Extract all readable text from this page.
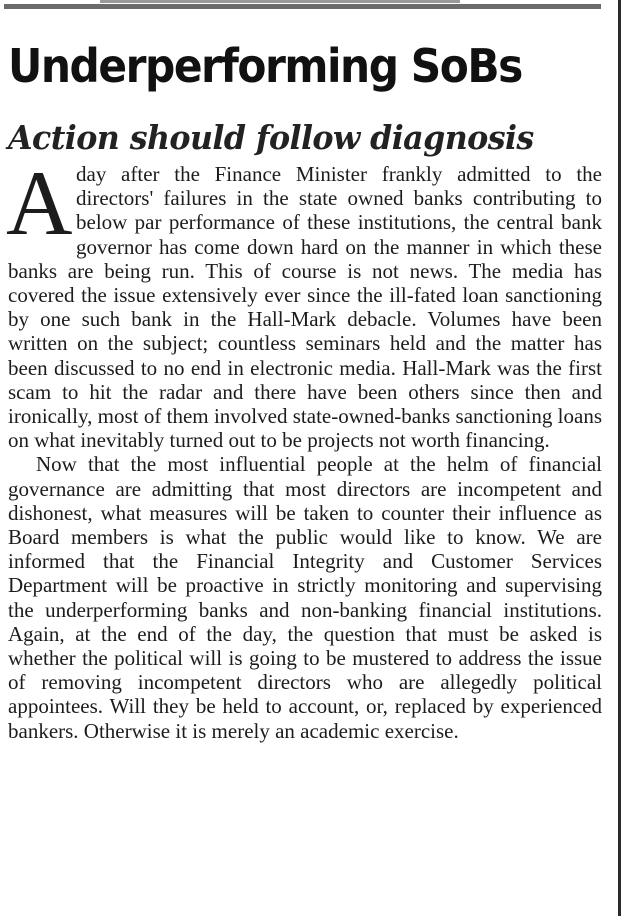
Underperforming SoBs
Action should follow diagnosis

A day after the Finance Minister frankly admitted to the directors' failures in the state owned banks contributing to below par performance of these institutions, the central bank governor has come down hard on the manner in which these banks are being run. This of course is not news. The media has covered the issue extensively ever since the ill-fated loan sanctioning by one such bank in the Hall-Mark debacle. Volumes have been written on the subject; countless seminars held and the matter has been discussed to no end in electronic media. Hall-Mark was the first scam to hit the radar and there have been others since then and ironically, most of them involved state-owned-banks sanctioning loans on what inevitably turned out to be projects not worth financing.

Now that the most influential people at the helm of financial governance are admitting that most directors are incompetent and dishonest, what measures will be taken to counter their influence as Board members is what the public would like to know. We are informed that the Financial Integrity and Customer Services Department will be proactive in strictly monitoring and supervising the underperforming banks and non-banking financial institutions. Again, at the end of the day, the question that must be asked is whether the political will is going to be mustered to address the issue of removing incompetent directors who are allegedly political appointees. Will they be held to account, or, replaced by experienced bankers. Otherwise it is merely an academic exercise.
